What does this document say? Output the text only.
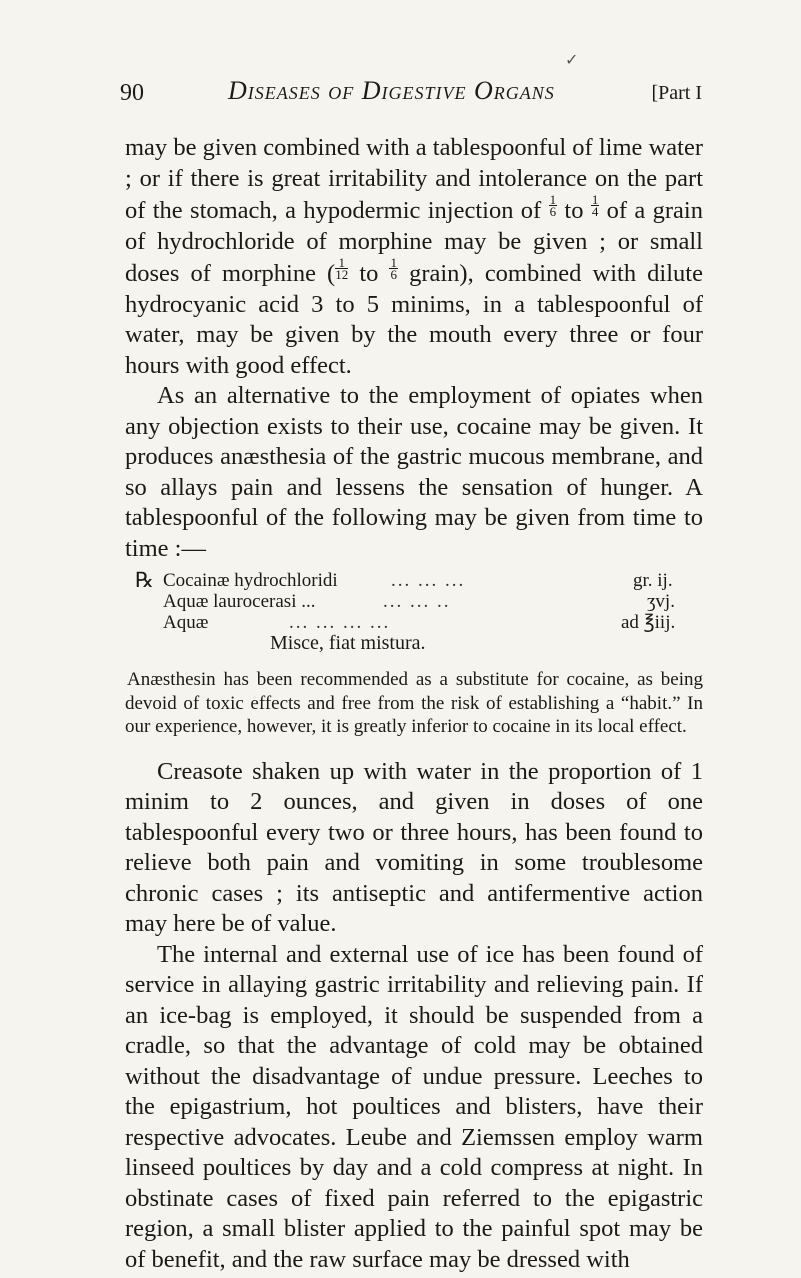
✓
90	Diseases of Digestive Organs	[Part I

may be given combined with a tablespoonful of lime water ; or if there is great irritability and intolerance on the part of the stomach, a hypodermic injection of $\frac{1}{6}$ to $\frac{1}{4}$ of a grain of hydrochloride of morphine may be given ; or small doses of morphine ( $\frac{1}{12}$ to $\frac{1}{6}$ grain), combined with dilute hydrocyanic acid 3 to 5 minims, in a tablespoonful of water, may be given by the mouth every three or four hours with good effect.

As an alternative to the employment of opiates when any objection exists to their use, cocaine may be given. It produces anæsthesia of the gastric mucous membrane, and so allays pain and lessens the sensation of hunger. A tablespoonful of the following may be given from time to time :—

℞ Cocainæ hydrochloridi	... ... ...	gr. ij.
Aquæ laurocerasi ...	... ... ..	ʒvj.
Aquæ	... ... ... ...	ad ℥iij.
Misce, fiat mistura.

Anæsthesin has been recommended as a substitute for cocaine, as being devoid of toxic effects and free from the risk of establishing a “habit.” In our experience, however, it is greatly inferior to cocaine in its local effect.

Creasote shaken up with water in the proportion of 1 minim to 2 ounces, and given in doses of one tablespoonful every two or three hours, has been found to relieve both pain and vomiting in some troublesome chronic cases ; its antiseptic and antifermentive action may here be of value.

The internal and external use of ice has been found of service in allaying gastric irritability and relieving pain. If an ice-bag is employed, it should be suspended from a cradle, so that the advantage of cold may be obtained without the disadvantage of undue pressure. Leeches to the epigastrium, hot poultices and blisters, have their respective advocates. Leube and Ziemssen employ warm linseed poultices by day and a cold compress at night. In obstinate cases of fixed pain referred to the epigastric region, a small blister applied to the painful spot may be of benefit, and the raw surface may be dressed with
